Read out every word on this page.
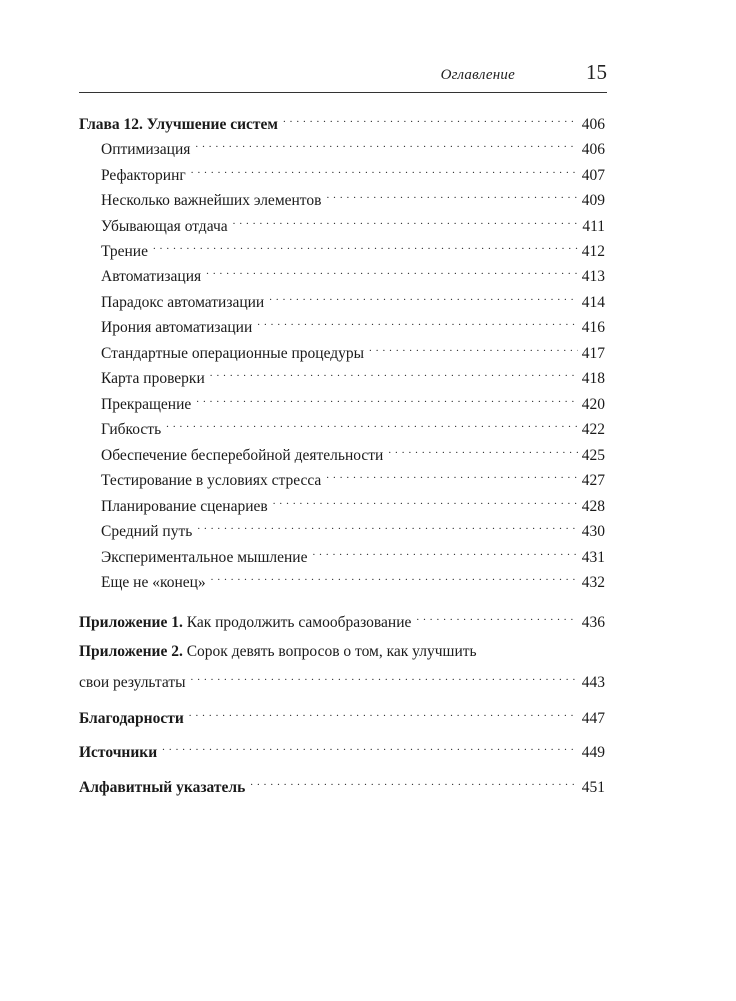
Оглавление	15
Глава 12. Улучшение систем . . .	406
Оптимизация . . .	406
Рефакторинг . . .	407
Несколько важнейших элементов . . .	409
Убывающая отдача . . .	411
Трение . . .	412
Автоматизация . . .	413
Парадокс автоматизации . . .	414
Ирония автоматизации . . .	416
Стандартные операционные процедуры . . .	417
Карта проверки . . .	418
Прекращение . . .	420
Гибкость . . .	422
Обеспечение бесперебойной деятельности . . .	425
Тестирование в условиях стресса . . .	427
Планирование сценариев . . .	428
Средний путь . . .	430
Экспериментальное мышление . . .	431
Еще не «конец» . . .	432
Приложение 1. Как продолжить самообразование . . .	436
Приложение 2. Сорок девять вопросов о том, как улучшить
свои результаты . . .	443
Благодарности . . .	447
Источники . . .	449
Алфавитный указатель . . .	451
